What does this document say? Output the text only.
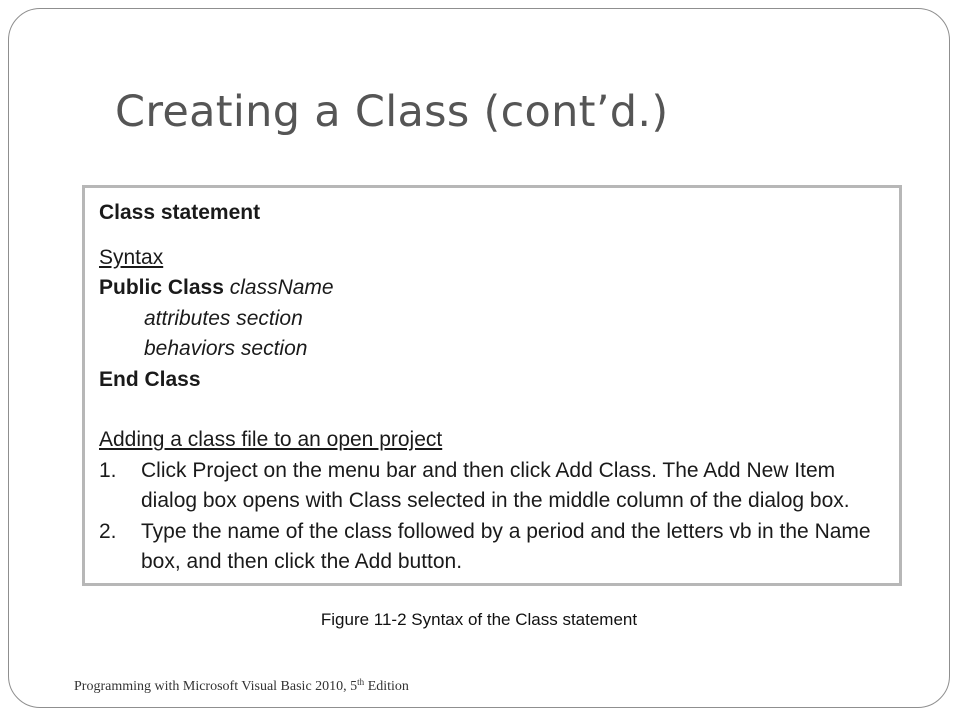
Creating a Class (cont’d.)
Class statement
Syntax
Public Class className
attributes section
behaviors section
End Class
Adding a class file to an open project
1.	Click Project on the menu bar and then click Add Class. The Add New Item dialog box opens with Class selected in the middle column of the dialog box.
2.	Type the name of the class followed by a period and the letters vb in the Name box, and then click the Add button.
Figure 11-2 Syntax of the Class statement
Programming with Microsoft Visual Basic 2010, 5th Edition
